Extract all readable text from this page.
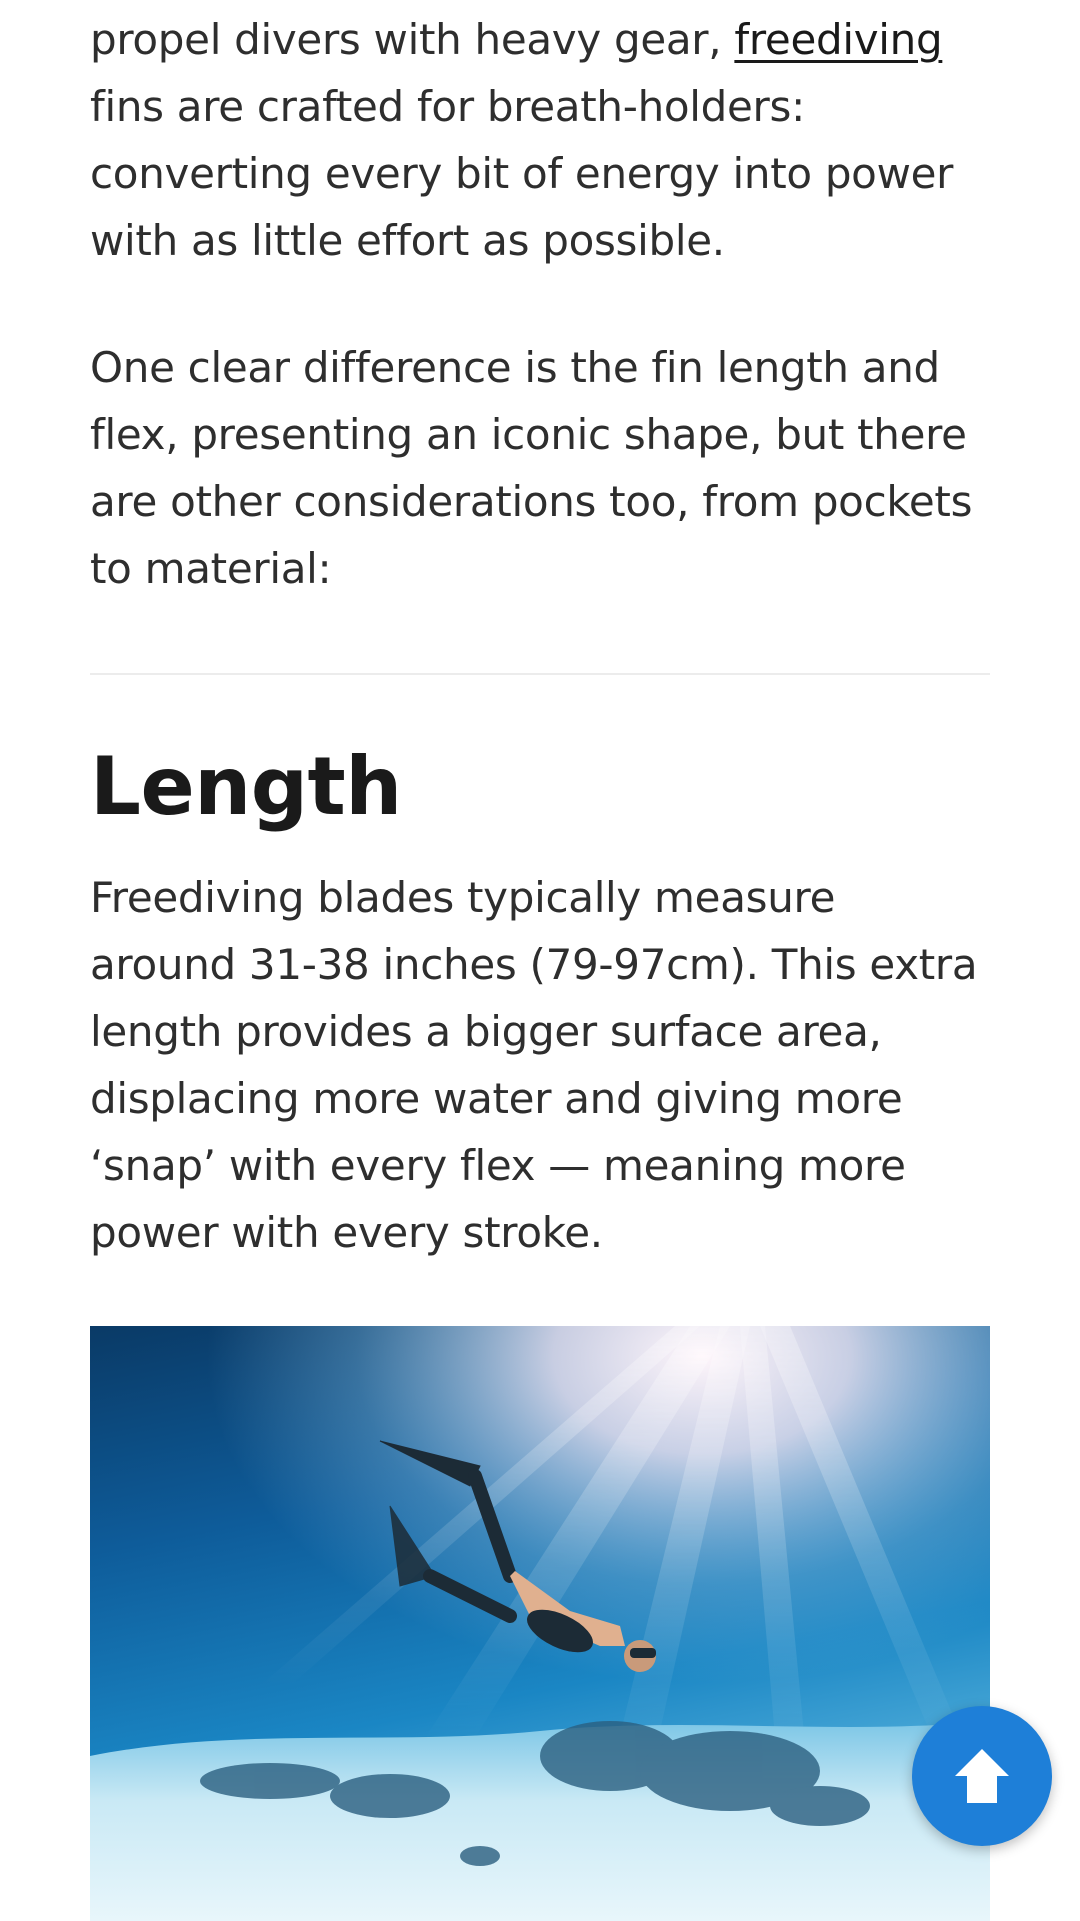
propel divers with heavy gear, freediving fins are crafted for breath-holders: converting every bit of energy into power with as little effort as possible.

One clear difference is the fin length and flex, presenting an iconic shape, but there are other considerations too, from pockets to material:

Length

Freediving blades typically measure around 31-38 inches (79-97cm). This extra length provides a bigger surface area, displacing more water and giving more ‘snap’ with every flex — meaning more power with every stroke.
